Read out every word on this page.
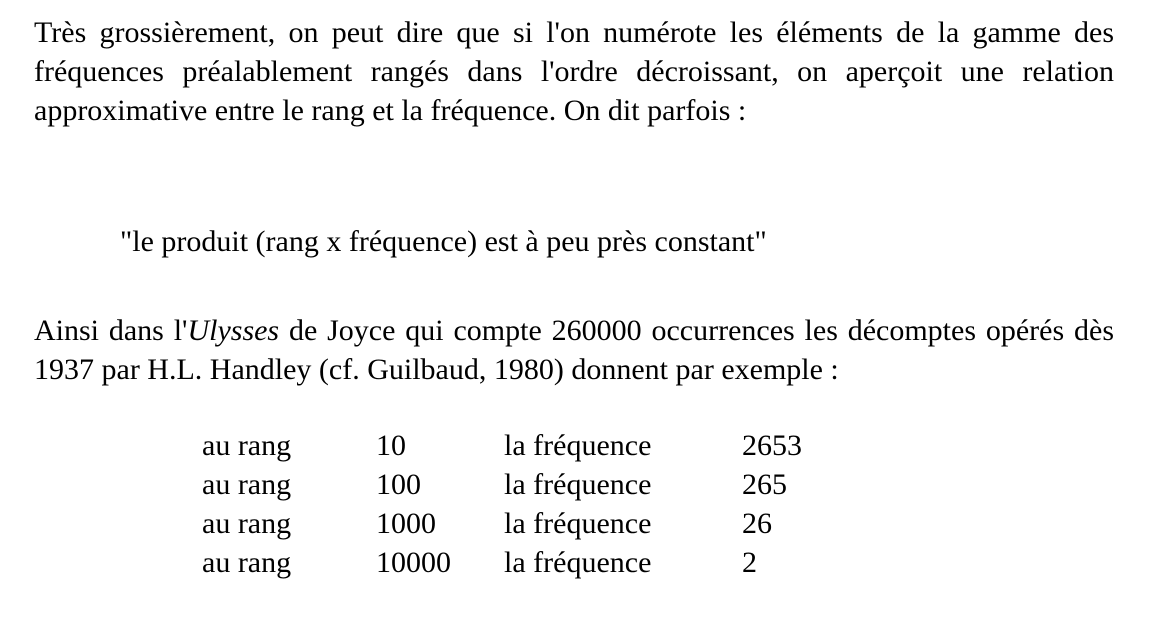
Très grossièrement, on peut dire que si l'on numérote les éléments de la gamme des fréquences préalablement rangés dans l'ordre décroissant, on aperçoit une relation approximative entre le rang et la fréquence. On dit parfois :

"le produit (rang x fréquence) est à peu près constant"

Ainsi dans l'Ulysses de Joyce qui compte 260000 occurrences les décomptes opérés dès 1937 par H.L. Handley (cf. Guilbaud, 1980) donnent par exemple :

au rang	10	la fréquence	2653
au rang	100	la fréquence	265
au rang	1000	la fréquence	26
au rang	10000	la fréquence	2
